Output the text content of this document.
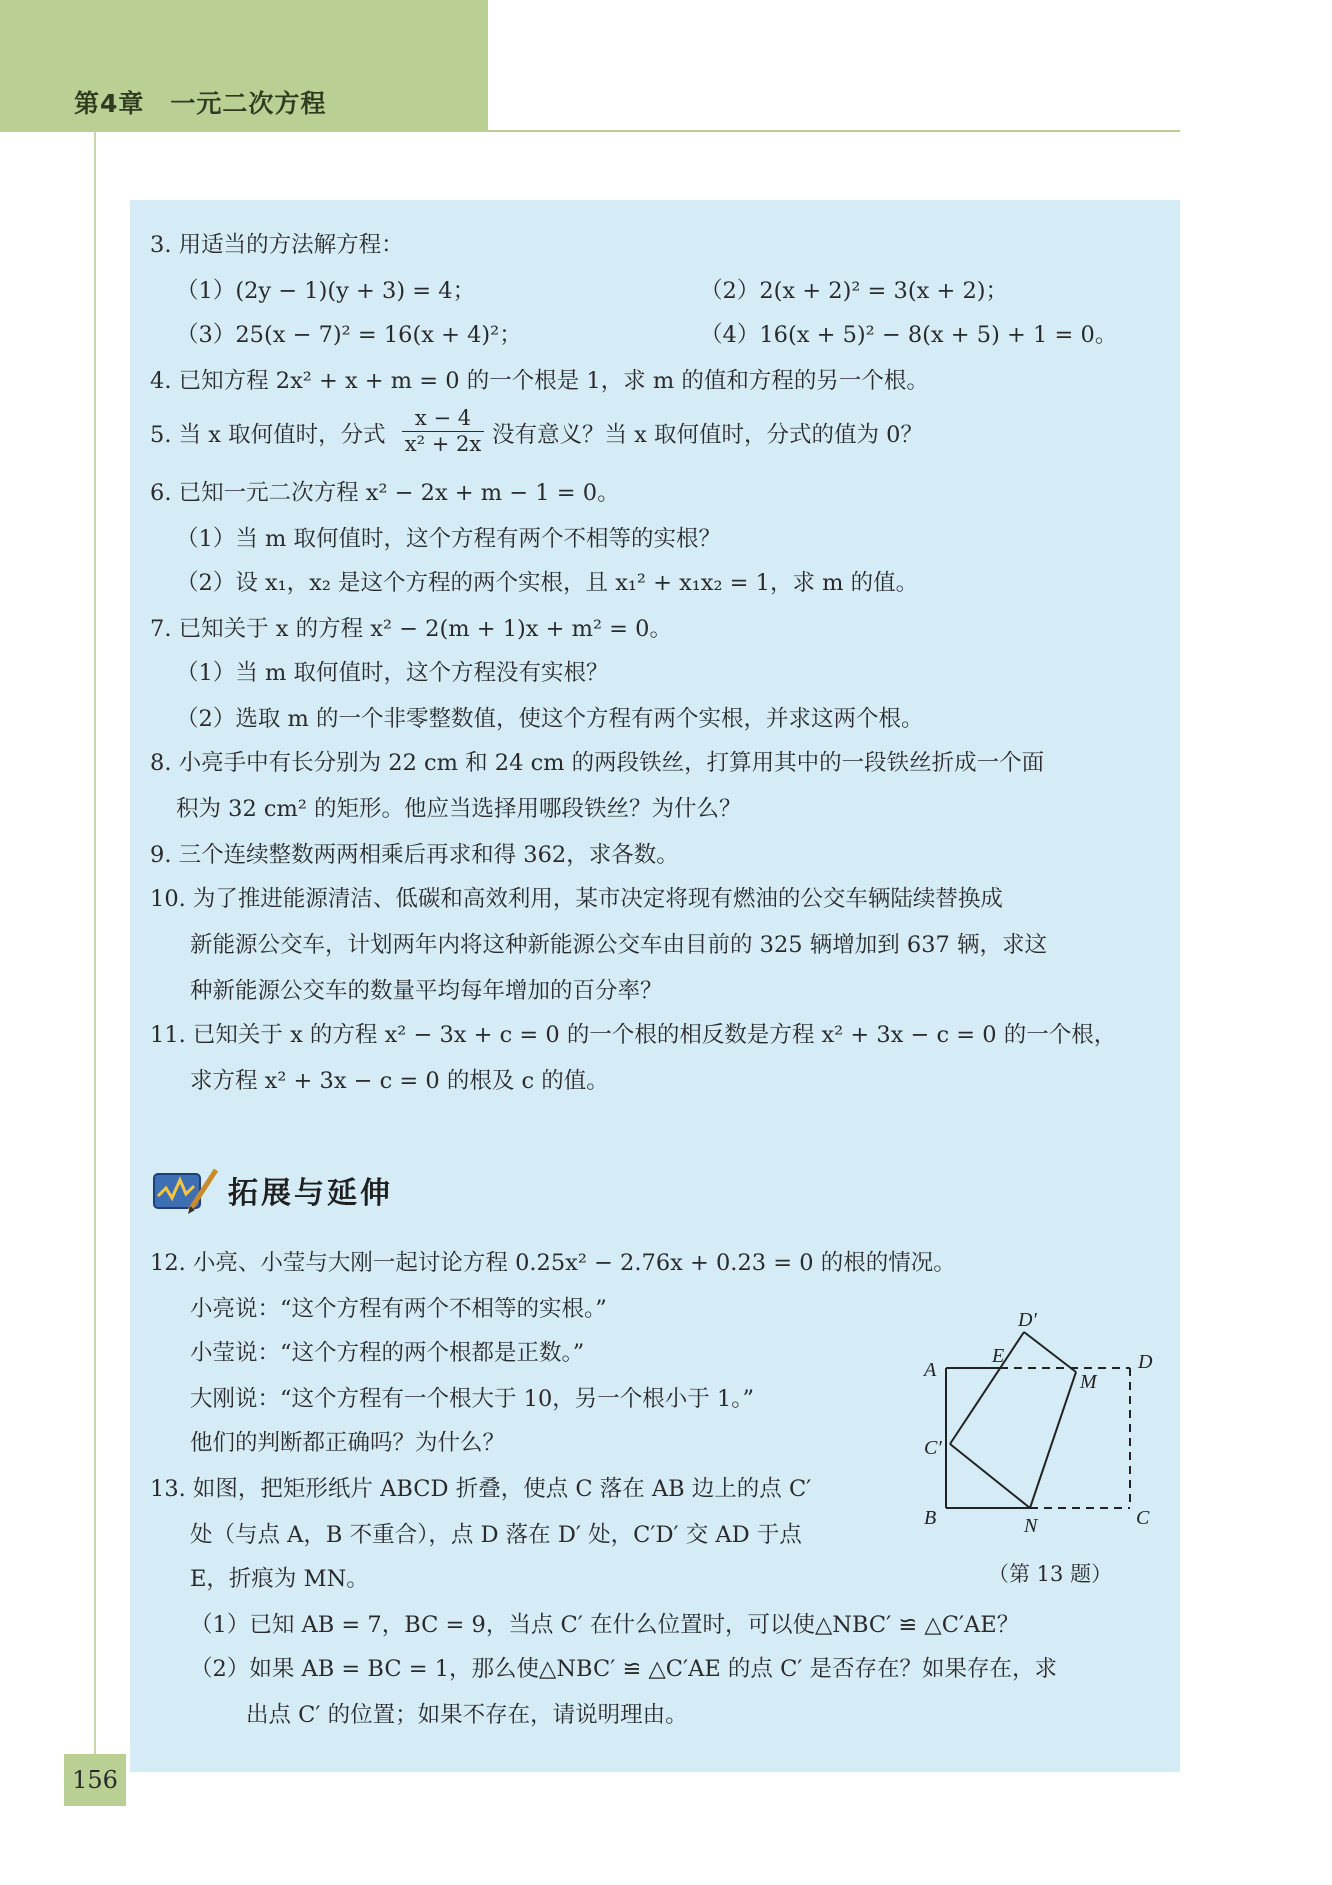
第4章　一元二次方程
3. 用适当的方法解方程：
（1）(2y − 1)(y + 3) = 4；	（2）2(x + 2)² = 3(x + 2)；
（3）25(x − 7)² = 16(x + 4)²；	（4）16(x + 5)² − 8(x + 5) + 1 = 0。
4. 已知方程 2x² + x + m = 0 的一个根是 1，求 m 的值和方程的另一个根。
5. 当 x 取何值时，分式
x − 4
x² + 2x 没有意义？当 x 取何值时，分式的值为 0？
6. 已知一元二次方程 x² − 2x + m − 1 = 0。
（1）当 m 取何值时，这个方程有两个不相等的实根？
（2）设 x₁，x₂ 是这个方程的两个实根，且 x₁² + x₁x₂ = 1，求 m 的值。
7. 已知关于 x 的方程 x² − 2(m + 1)x + m² = 0。
（1）当 m 取何值时，这个方程没有实根？
（2）选取 m 的一个非零整数值，使这个方程有两个实根，并求这两个根。
8. 小亮手中有长分别为 22 cm 和 24 cm 的两段铁丝，打算用其中的一段铁丝折成一个面
积为 32 cm² 的矩形。他应当选择用哪段铁丝？为什么？
9. 三个连续整数两两相乘后再求和得 362，求各数。
10. 为了推进能源清洁、低碳和高效利用，某市决定将现有燃油的公交车辆陆续替换成
新能源公交车，计划两年内将这种新能源公交车由目前的 325 辆增加到 637 辆，求这
种新能源公交车的数量平均每年增加的百分率？
11. 已知关于 x 的方程 x² − 3x + c = 0 的一个根的相反数是方程 x² + 3x − c = 0 的一个根，
求方程 x² + 3x − c = 0 的根及 c 的值。
拓展与延伸
12. 小亮、小莹与大刚一起讨论方程 0.25x² − 2.76x + 0.23 = 0 的根的情况。
小亮说：“这个方程有两个不相等的实根。”
小莹说：“这个方程的两个根都是正数。”
大刚说：“这个方程有一个根大于 10，另一个根小于 1。”
他们的判断都正确吗？为什么？
13. 如图，把矩形纸片 ABCD 折叠，使点 C 落在 AB 边上的点 C′
处（与点 A，B 不重合），点 D 落在 D′ 处，C′D′ 交 AD 于点
E，折痕为 MN。
（1）已知 AB = 7，BC = 9，当点 C′ 在什么位置时，可以使△NBC′ ≌ △C′AE？
（2）如果 AB = BC = 1，那么使△NBC′ ≌ △C′AE 的点 C′ 是否存在？如果存在，求
出点 C′ 的位置；如果不存在，请说明理由。
A
B	C
D
C′
D′
E
M
N
（第 13 题）
156
